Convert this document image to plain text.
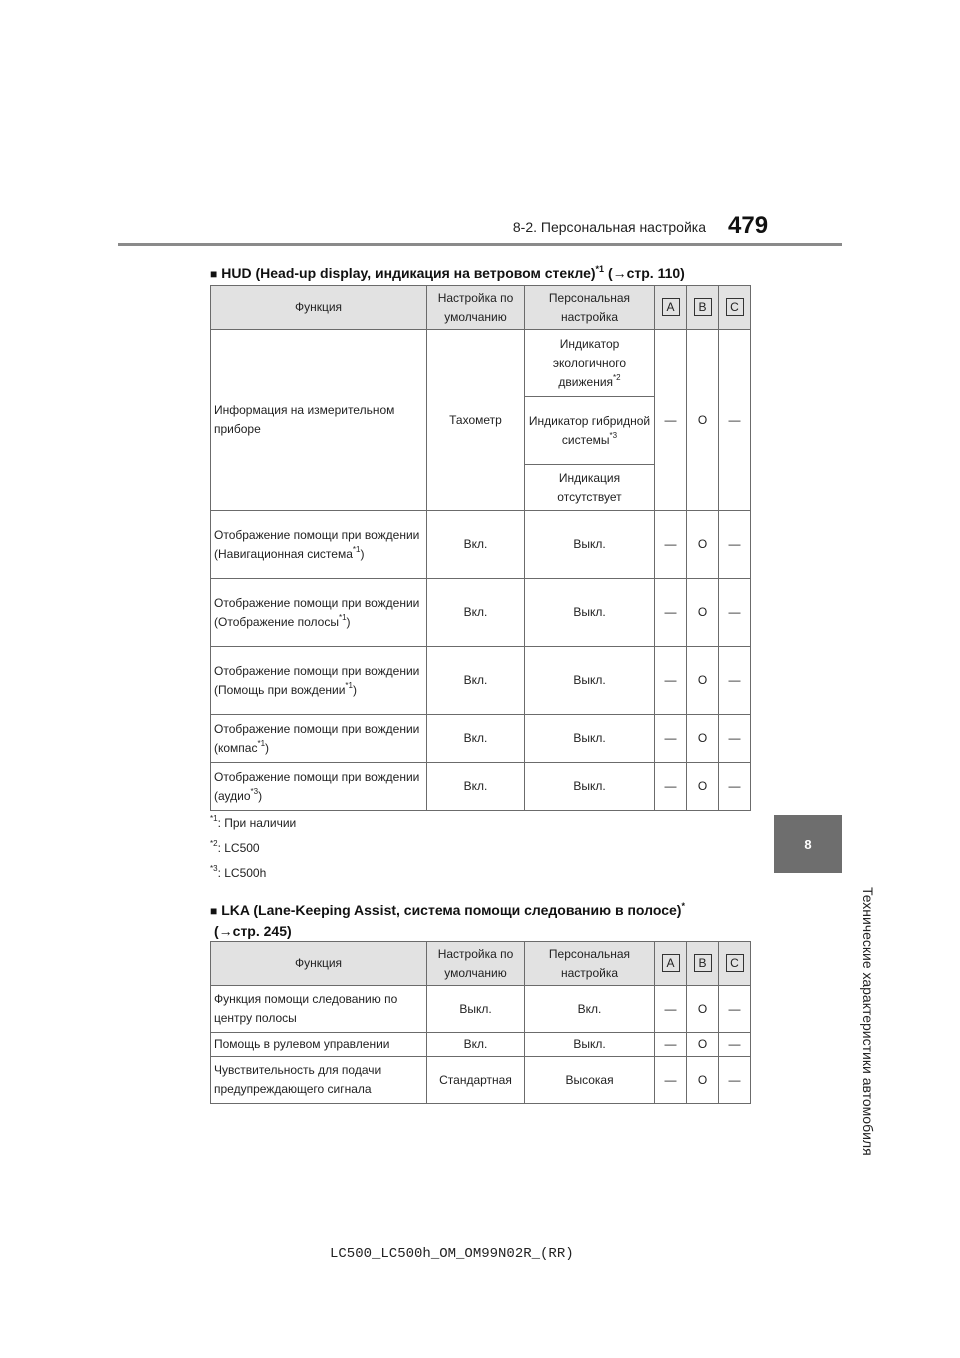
8-2. Персональная настройка 479
8
Технические характеристики автомобиля
■ HUD (Head-up display, индикация на ветровом стекле)$^{*1}$ (→стр. 110)
Функция	Настройка по умолчанию	Персональная настройка	A	B	C
Информация на измерительном приборе	Тахометр	Индикатор экологичного движения$^{*2}$	—	O	—
		Индикатор гибридной системы$^{*3}$
		Индикация отсутствует			
Отображение помощи при вождении (Навигационная система$^{*1}$)	Вкл.	Выкл.	—	O	—
Отображение помощи при вождении (Отображение полосы$^{*1}$)	Вкл.	Выкл.	—	O	—
Отображение помощи при вождении (Помощь при вождении$^{*1}$)	Вкл.	Выкл.	—	O	—
Отображение помощи при вождении (компас$^{*1}$)	Вкл.	Выкл.	—	O	—
Отображение помощи при вождении (аудио$^{*3}$)	Вкл.	Выкл.	—	O	—
$^{*1}$: При наличии
$^{*2}$: LC500
$^{*3}$: LC500h
■ LKA (Lane-Keeping Assist, система помощи следованию в полосе)*
(→стр. 245)
Функция	Настройка по умолчанию	Персональная настройка	A	B	C
Функция помощи следованию по центру полосы	Выкл.	Вкл.	—	O	—
Помощь в рулевом управлении	Вкл.	Выкл.	—	O	—
Чувствительность для подачи предупреждающего сигнала	Стандартная	Высокая	—	O	—
LC500_LC500h_OM_OM99N02R_(RR)
